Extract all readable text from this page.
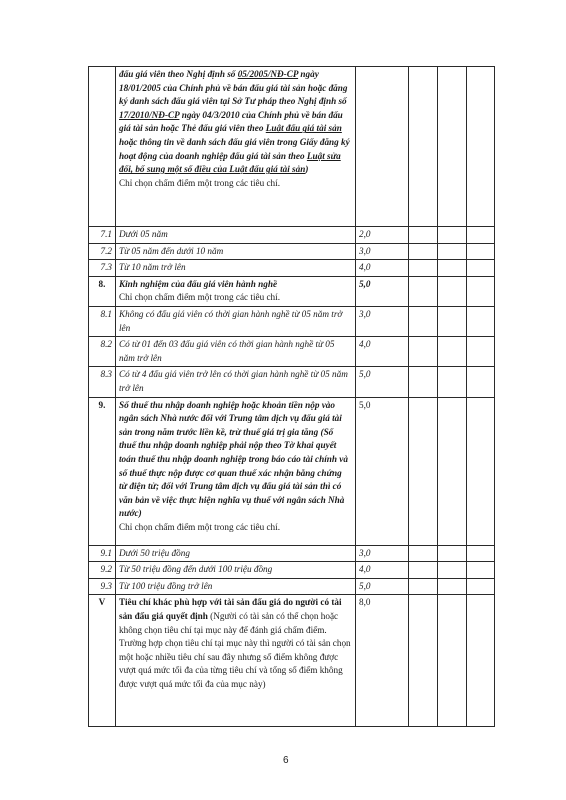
	đấu giá viên theo Nghị định số 05/2005/NĐ-CP ngày 18/01/2005 của Chính phủ về bán đấu giá tài sản hoặc đăng ký danh sách đấu giá viên tại Sở Tư pháp theo Nghị định số 17/2010/NĐ-CP ngày 04/3/2010 của Chính phủ về bán đấu giá tài sản hoặc Thẻ đấu giá viên theo Luật đấu giá tài sản hoặc thông tin về danh sách đấu giá viên trong Giấy đăng ký hoạt động của doanh nghiệp đấu giá tài sản theo Luật sửa đổi, bổ sung một số điều của Luật đấu giá tài sản)
Chỉ chọn chấm điểm một trong các tiêu chí.				
7.1	Dưới 05 năm	2,0			
7.2	Từ 05 năm đến dưới 10 năm	3,0			
7.3	Từ 10 năm trở lên	4,0			
8.	Kinh nghiệm của đấu giá viên hành nghề
Chỉ chọn chấm điểm một trong các tiêu chí.	5,0			
8.1	Không có đấu giá viên có thời gian hành nghề từ 05 năm trở lên	3,0			
8.2	Có từ 01 đến 03 đấu giá viên có thời gian hành nghề từ 05 năm trở lên	4,0			
8.3	Có từ 4 đấu giá viên trở lên có thời gian hành nghề từ 05 năm trở lên	5,0			
9.	Số thuế thu nhập doanh nghiệp hoặc khoản tiền nộp vào ngân sách Nhà nước đối với Trung tâm dịch vụ đấu giá tài sản trong năm trước liền kề, trừ thuế giá trị gia tăng (Số thuế thu nhập doanh nghiệp phải nộp theo Tờ khai quyết toán thuế thu nhập doanh nghiệp trong báo cáo tài chính và số thuế thực nộp được cơ quan thuế xác nhận bằng chứng từ điện tử; đối với Trung tâm dịch vụ đấu giá tài sản thì có văn bản về việc thực hiện nghĩa vụ thuế với ngân sách Nhà nước)
Chỉ chọn chấm điểm một trong các tiêu chí.	5,0			
9.1	Dưới 50 triệu đồng	3,0			
9.2	Từ 50 triệu đồng đến dưới 100 triệu đồng	4,0			
9.3	Từ 100 triệu đồng trở lên	5,0			
V	Tiêu chí khác phù hợp với tài sản đấu giá do người có tài sản đấu giá quyết định (Người có tài sản có thể chọn hoặc không chọn tiêu chí tại mục này để đánh giá chấm điểm. Trường hợp chọn tiêu chí tại mục này thì người có tài sản chọn một hoặc nhiều tiêu chí sau đây nhưng số điểm không được vượt quá mức tối đa của từng tiêu chí và tổng số điểm không được vượt quá mức tối đa của mục này)	8,0			
6
